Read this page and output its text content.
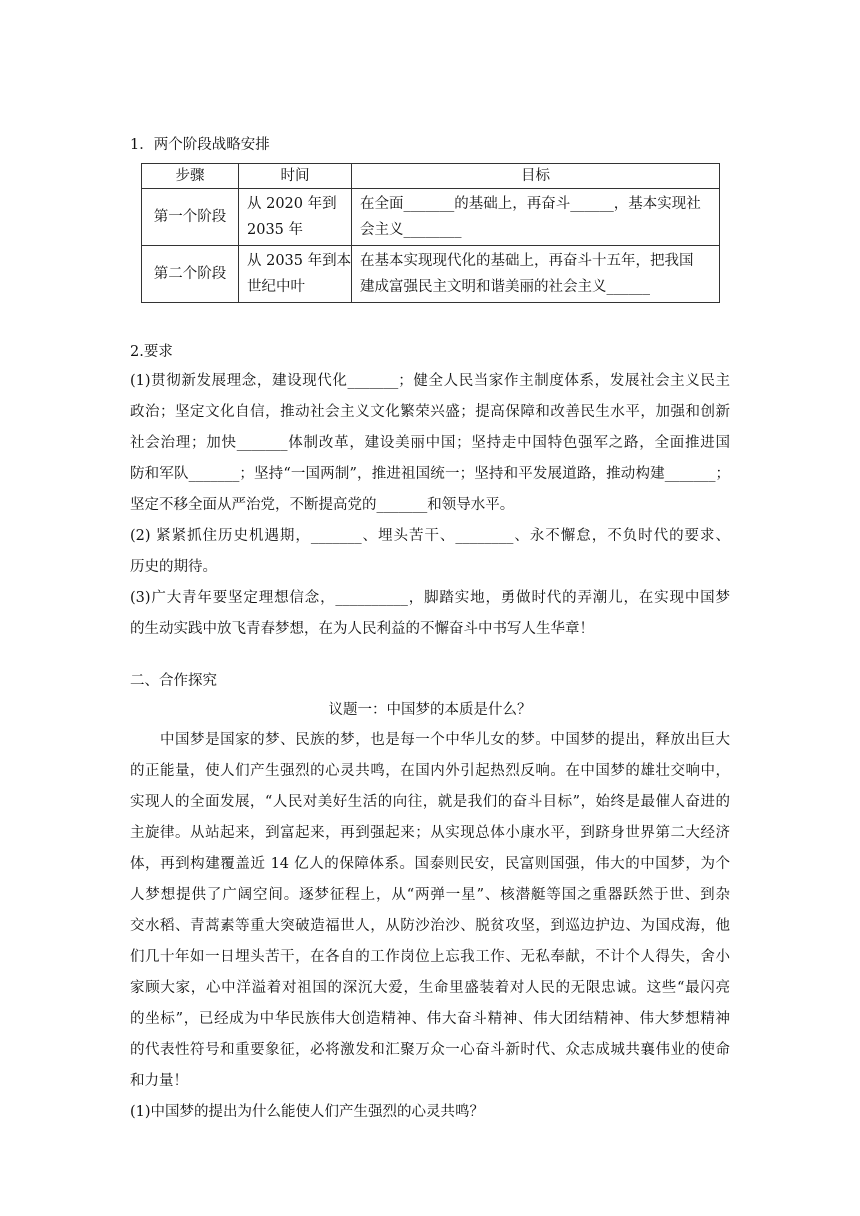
1．两个阶段战略安排
步骤	时间	目标
第一个阶段	从 2020 年到
2035 年	在全面_______的基础上，再奋斗______，基本实现社
会主义________

第二个阶段	从 2035 年到本
世纪中叶	在基本实现现代化的基础上，再奋斗十五年，把我国
建成富强民主文明和谐美丽的社会主义______
2.要求
(1)贯彻新发展理念，建设现代化_______；健全人民当家作主制度体系，发展社会主义民主
政治；坚定文化自信，推动社会主义文化繁荣兴盛；提高保障和改善民生水平，加强和创新
社会治理；加快_______体制改革，建设美丽中国；坚持走中国特色强军之路，全面推进国
防和军队_______；坚持“一国两制”，推进祖国统一；坚持和平发展道路，推动构建_______；
坚定不移全面从严治党，不断提高党的_______和领导水平。
(2) 紧紧抓住历史机遇期，_______、埋头苦干、________、永不懈怠，不负时代的要求、
历史的期待。
(3)广大青年要坚定理想信念，__________，脚踏实地，勇做时代的弄潮儿，在实现中国梦
的生动实践中放飞青春梦想，在为人民利益的不懈奋斗中书写人生华章！
二、合作探究
议题一：中国梦的本质是什么？
　　中国梦是国家的梦、民族的梦，也是每一个中华儿女的梦。中国梦的提出，释放出巨大
的正能量，使人们产生强烈的心灵共鸣，在国内外引起热烈反响。在中国梦的雄壮交响中，
实现人的全面发展，“人民对美好生活的向往，就是我们的奋斗目标”，始终是最催人奋进的
主旋律。从站起来，到富起来，再到强起来；从实现总体小康水平，到跻身世界第二大经济
体，再到构建覆盖近 14 亿人的保障体系。国泰则民安，民富则国强，伟大的中国梦，为个
人梦想提供了广阔空间。逐梦征程上，从“两弹一星”、核潜艇等国之重器跃然于世、到杂
交水稻、青蒿素等重大突破造福世人，从防沙治沙、脱贫攻坚，到巡边护边、为国戍海，他
们几十年如一日埋头苦干，在各自的工作岗位上忘我工作、无私奉献，不计个人得失，舍小
家顾大家，心中洋溢着对祖国的深沉大爱，生命里盛装着对人民的无限忠诚。这些“最闪亮
的坐标”，已经成为中华民族伟大创造精神、伟大奋斗精神、伟大团结精神、伟大梦想精神
的代表性符号和重要象征，必将激发和汇聚万众一心奋斗新时代、众志成城共襄伟业的使命
和力量！
(1)中国梦的提出为什么能使人们产生强烈的心灵共鸣？
